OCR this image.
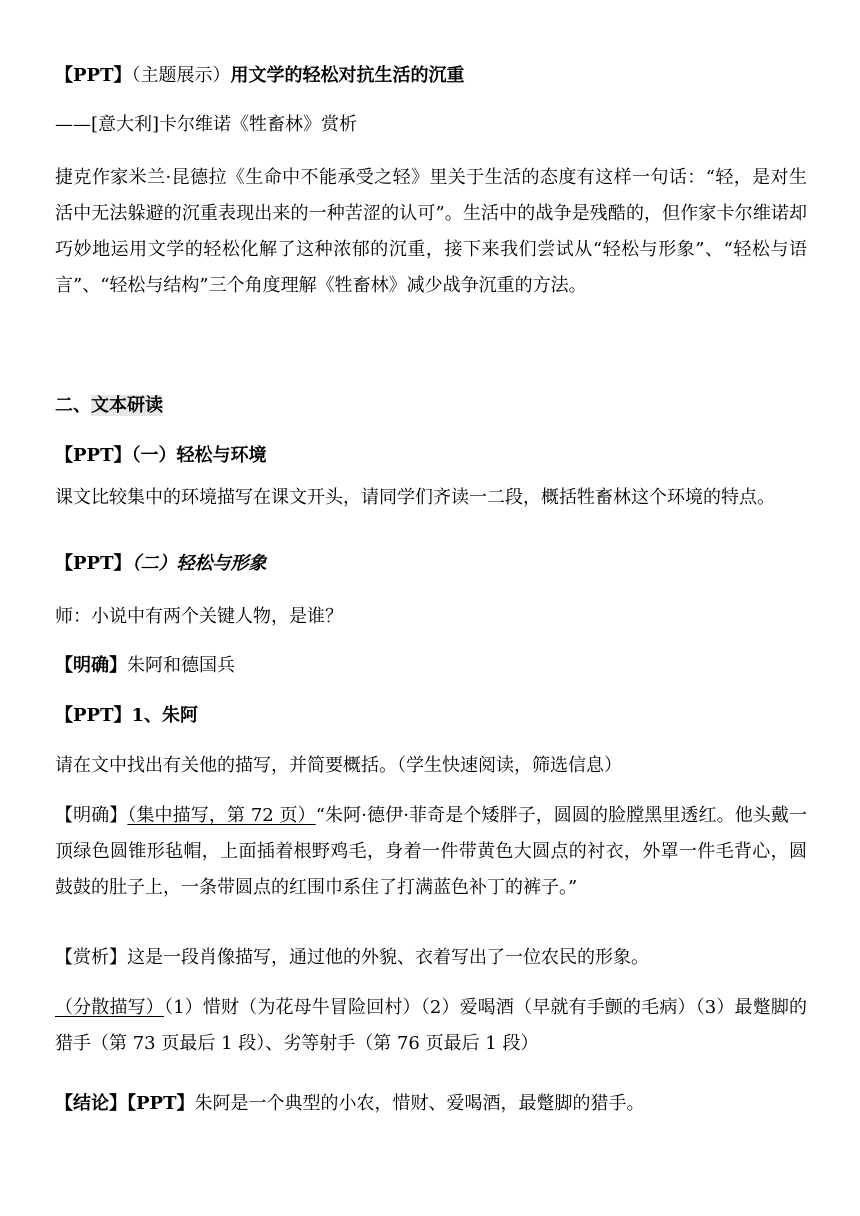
【PPT】（主题展示）用文学的轻松对抗生活的沉重

——[意大利]卡尔维诺《牲畜林》赏析

捷克作家米兰·昆德拉《生命中不能承受之轻》里关于生活的态度有这样一句话：“轻，是对生活中无法躲避的沉重表现出来的一种苦涩的认可”。生活中的战争是残酷的，但作家卡尔维诺却巧妙地运用文学的轻松化解了这种浓郁的沉重，接下来我们尝试从“轻松与形象”、“轻松与语言”、“轻松与结构”三个角度理解《牲畜林》减少战争沉重的方法。

二、文本研读

【PPT】（一）轻松与环境

课文比较集中的环境描写在课文开头，请同学们齐读一二段，概括牲畜林这个环境的特点。

【PPT】（二）轻松与形象

师：小说中有两个关键人物，是谁？

【明确】朱阿和德国兵

【PPT】1、朱阿

请在文中找出有关他的描写，并简要概括。（学生快速阅读，筛选信息）

【明确】（集中描写，第 72 页）“朱阿·德伊·菲奇是个矮胖子，圆圆的脸膛黑里透红。他头戴一顶绿色圆锥形毡帽，上面插着根野鸡毛，身着一件带黄色大圆点的衬衣，外罩一件毛背心，圆鼓鼓的肚子上，一条带圆点的红围巾系住了打满蓝色补丁的裤子。”

【赏析】这是一段肖像描写，通过他的外貌、衣着写出了一位农民的形象。

（分散描写）（1）惜财（为花母牛冒险回村）（2）爱喝酒（早就有手颤的毛病）（3）最蹩脚的猎手（第 73 页最后 1 段）、劣等射手（第 76 页最后 1 段）

【结论】【PPT】朱阿是一个典型的小农，惜财、爱喝酒，最蹩脚的猎手。
